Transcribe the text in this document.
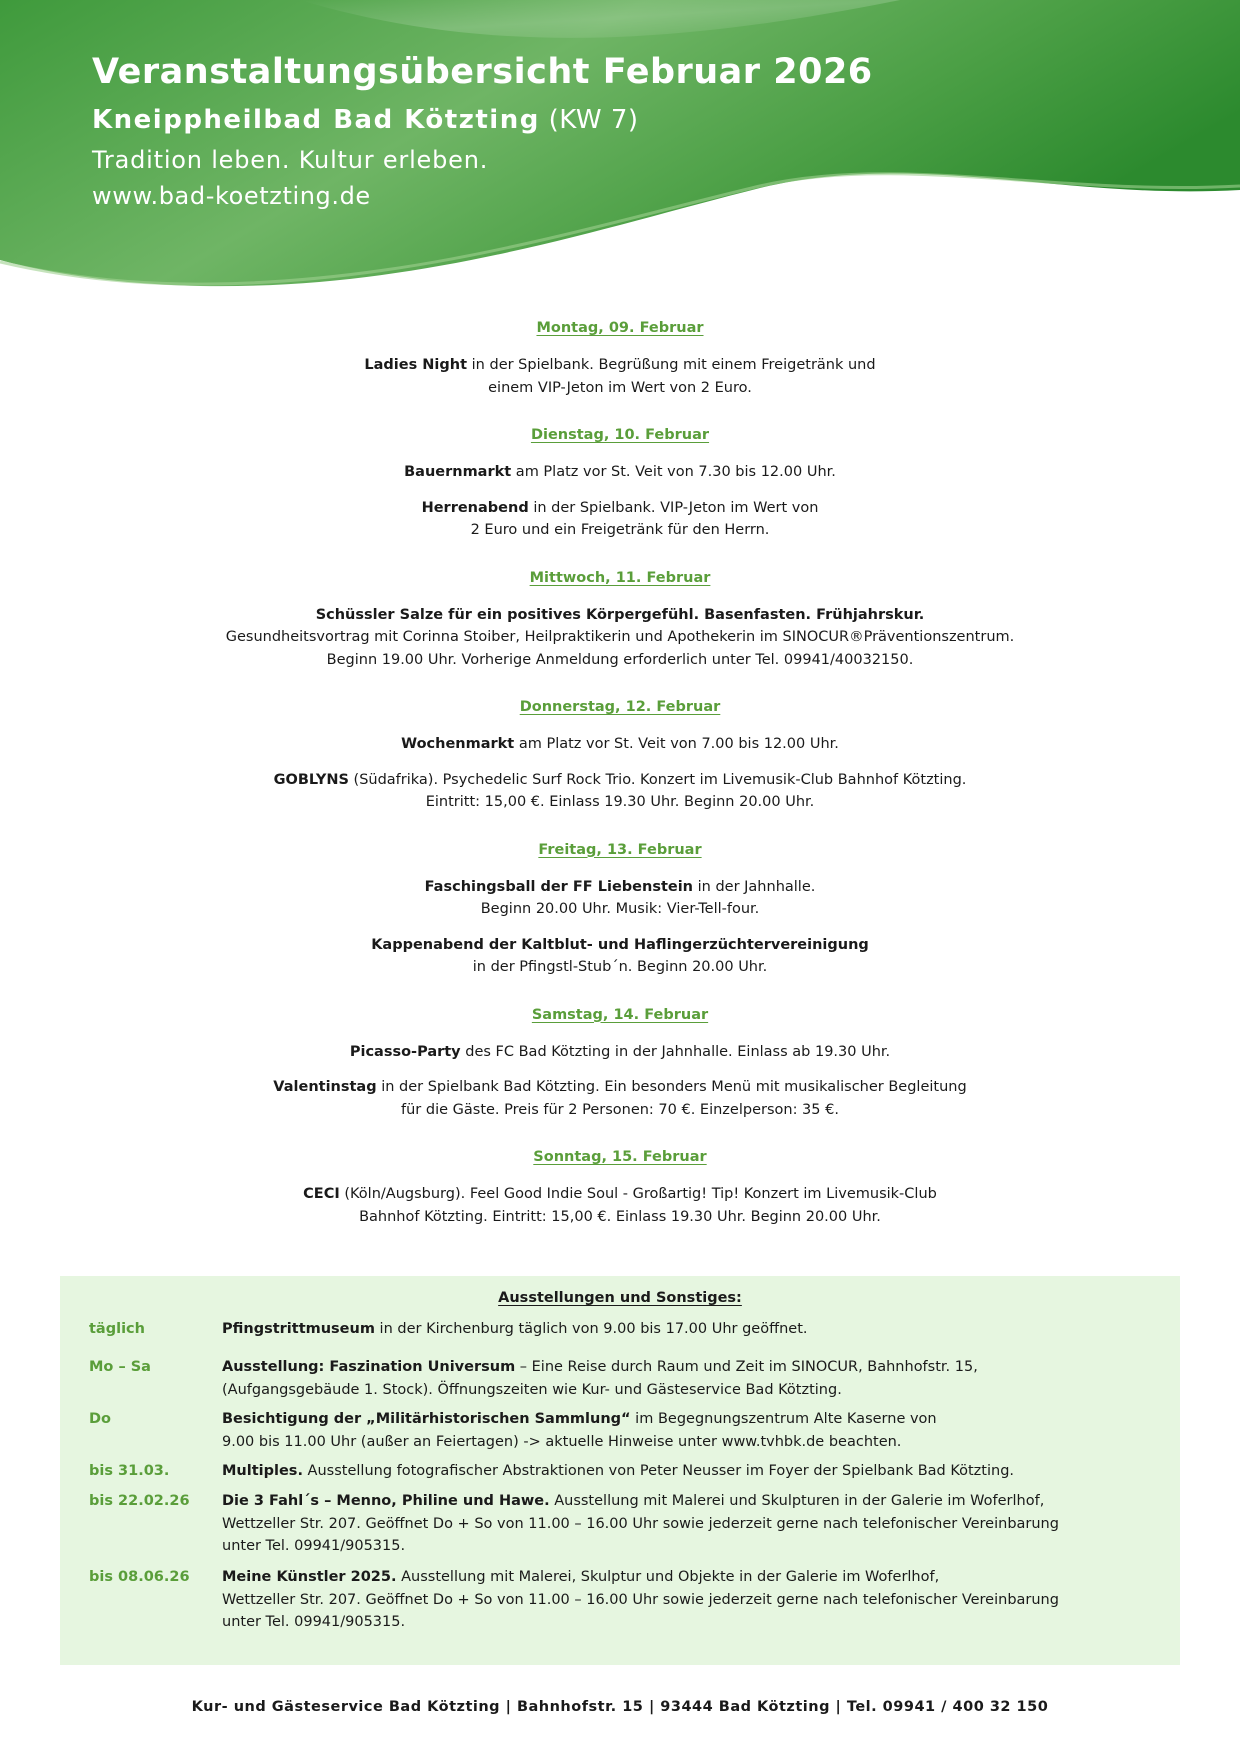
Veranstaltungsübersicht Februar 2026
Kneippheilbad Bad Kötzting (KW 7)
Tradition leben. Kultur erleben.
www.bad-koetzting.de
Montag, 09. Februar
Ladies Night in der Spielbank. Begrüßung mit einem Freigetränk und
einem VIP-Jeton im Wert von 2 Euro.
Dienstag, 10. Februar
Bauernmarkt am Platz vor St. Veit von 7.30 bis 12.00 Uhr.
Herrenabend in der Spielbank. VIP-Jeton im Wert von
2 Euro und ein Freigetränk für den Herrn.
Mittwoch, 11. Februar
Schüssler Salze für ein positives Körpergefühl. Basenfasten. Frühjahrskur.
Gesundheitsvortrag mit Corinna Stoiber, Heilpraktikerin und Apothekerin im SINOCUR®Präventionszentrum.
Beginn 19.00 Uhr. Vorherige Anmeldung erforderlich unter Tel. 09941/40032150.
Donnerstag, 12. Februar
Wochenmarkt am Platz vor St. Veit von 7.00 bis 12.00 Uhr.
GOBLYNS (Südafrika). Psychedelic Surf Rock Trio. Konzert im Livemusik-Club Bahnhof Kötzting.
Eintritt: 15,00 €. Einlass 19.30 Uhr. Beginn 20.00 Uhr.
Freitag, 13. Februar
Faschingsball der FF Liebenstein in der Jahnhalle.
Beginn 20.00 Uhr. Musik: Vier-Tell-four.
Kappenabend der Kaltblut- und Haflingerzüchtervereinigung
in der Pfingstl-Stub´n. Beginn 20.00 Uhr.
Samstag, 14. Februar
Picasso-Party des FC Bad Kötzting in der Jahnhalle. Einlass ab 19.30 Uhr.
Valentinstag in der Spielbank Bad Kötzting. Ein besonders Menü mit musikalischer Begleitung
für die Gäste. Preis für 2 Personen: 70 €. Einzelperson: 35 €.
Sonntag, 15. Februar
CECI (Köln/Augsburg). Feel Good Indie Soul - Großartig! Tip! Konzert im Livemusik-Club
Bahnhof Kötzting. Eintritt: 15,00 €. Einlass 19.30 Uhr. Beginn 20.00 Uhr.
Ausstellungen und Sonstiges:
täglich	Pfingstrittmuseum in der Kirchenburg täglich von 9.00 bis 17.00 Uhr geöffnet.
Mo – Sa	Ausstellung: Faszination Universum – Eine Reise durch Raum und Zeit im SINOCUR, Bahnhofstr. 15,
(Aufgangsgebäude 1. Stock). Öffnungszeiten wie Kur- und Gästeservice Bad Kötzting.
Do	Besichtigung der „Militärhistorischen Sammlung“ im Begegnungszentrum Alte Kaserne von
9.00 bis 11.00 Uhr (außer an Feiertagen) -> aktuelle Hinweise unter www.tvhbk.de beachten.
bis 31.03.	Multiples. Ausstellung fotografischer Abstraktionen von Peter Neusser im Foyer der Spielbank Bad Kötzting.
bis 22.02.26 Die 3 Fahl´s – Menno, Philine und Hawe. Ausstellung mit Malerei und Skulpturen in der Galerie im Woferlhof,
Wettzeller Str. 207. Geöffnet Do + So von 11.00 – 16.00 Uhr sowie jederzeit gerne nach telefonischer Vereinbarung
unter Tel. 09941/905315.
bis 08.06.26 Meine Künstler 2025. Ausstellung mit Malerei, Skulptur und Objekte in der Galerie im Woferlhof,
Wettzeller Str. 207. Geöffnet Do + So von 11.00 – 16.00 Uhr sowie jederzeit gerne nach telefonischer Vereinbarung
unter Tel. 09941/905315.
Kur- und Gästeservice Bad Kötzting | Bahnhofstr. 15 | 93444 Bad Kötzting | Tel. 09941 / 400 32 150
